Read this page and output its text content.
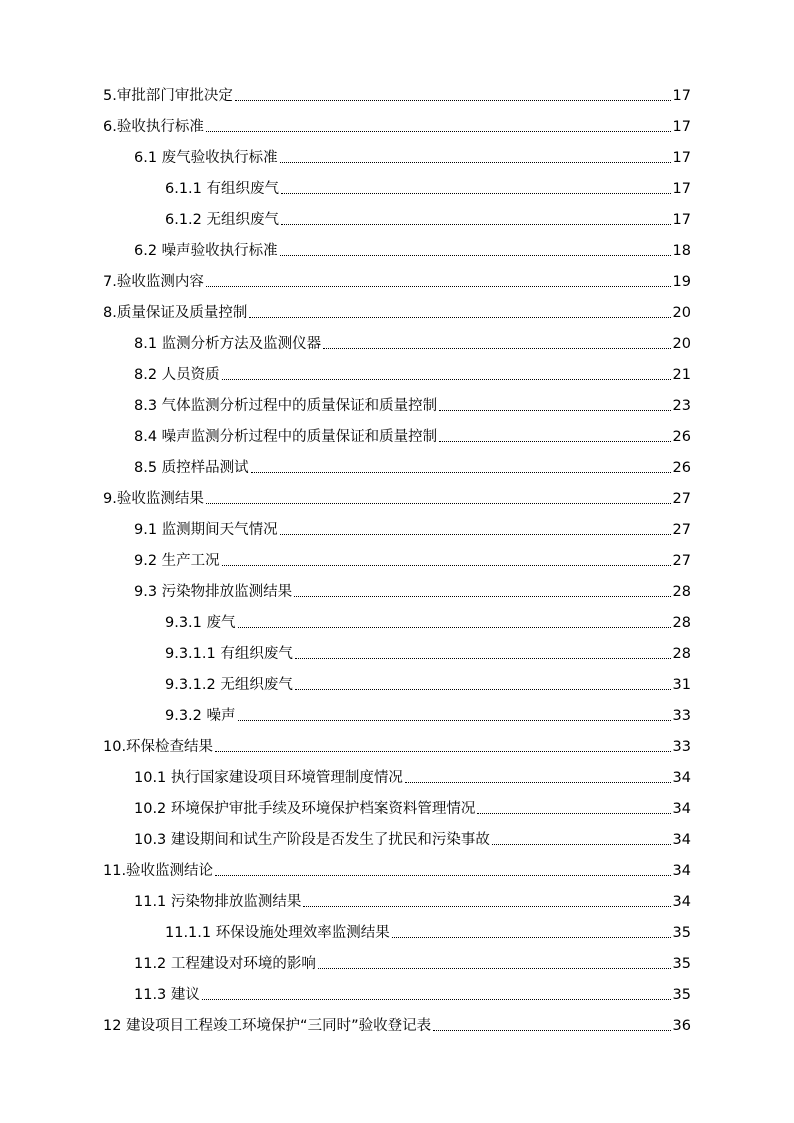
5.审批部门审批决定	17
6.验收执行标准	17
6.1 废气验收执行标准	17
6.1.1 有组织废气	17
6.1.2 无组织废气	17
6.2 噪声验收执行标准	18
7.验收监测内容	19
8.质量保证及质量控制	20
8.1 监测分析方法及监测仪器	20
8.2 人员资质	21
8.3 气体监测分析过程中的质量保证和质量控制	23
8.4 噪声监测分析过程中的质量保证和质量控制	26
8.5 质控样品测试	26
9.验收监测结果	27
9.1 监测期间天气情况	27
9.2 生产工况	27
9.3 污染物排放监测结果	28
9.3.1 废气	28
9.3.1.1 有组织废气	28
9.3.1.2 无组织废气	31
9.3.2 噪声	33
10.环保检查结果	33
10.1 执行国家建设项目环境管理制度情况	34
10.2 环境保护审批手续及环境保护档案资料管理情况	34
10.3 建设期间和试生产阶段是否发生了扰民和污染事故	34
11.验收监测结论	34
11.1 污染物排放监测结果	34
11.1.1 环保设施处理效率监测结果	35
11.2 工程建设对环境的影响	35
11.3 建议	35
12 建设项目工程竣工环境保护“三同时”验收登记表	36
